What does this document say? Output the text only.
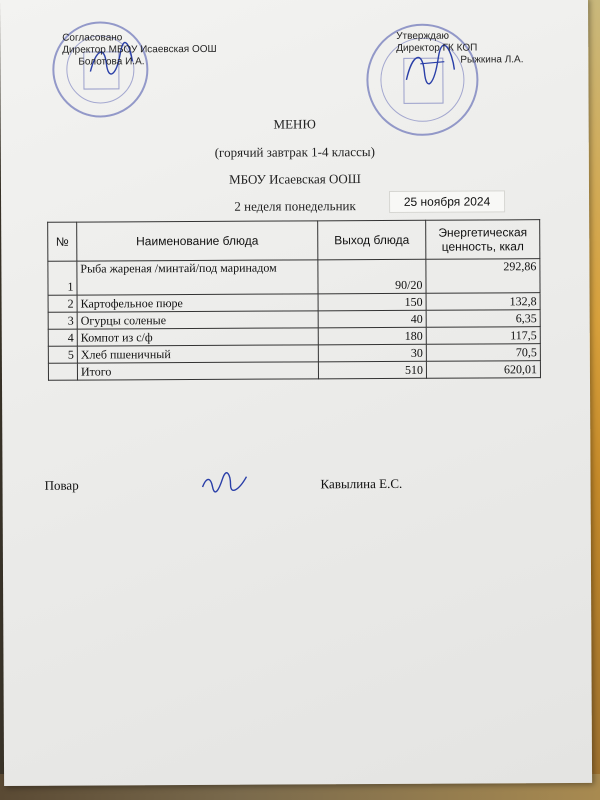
Согласовано
Директор МБОУ Исаевская ООШ
Болотова И.А.
Утверждаю
Директор ГК КОП
Рыжкина Л.А.
МЕНЮ
(горячий завтрак 1-4 классы)
МБОУ Исаевская ООШ
2 неделя понедельник	25 ноября 2024
№	Наименование блюда	Выход блюда	Энергетическая ценность, ккал
1	Рыба жареная /минтай/под маринадом	90/20	292,86
2	Картофельное пюре	150	132,8
3	Огурцы соленые	40	6,35
4	Компот из с/ф	180	117,5
5	Хлеб пшеничный	30	70,5
	Итого	510	620,01
Повар	Кавылина Е.С.
